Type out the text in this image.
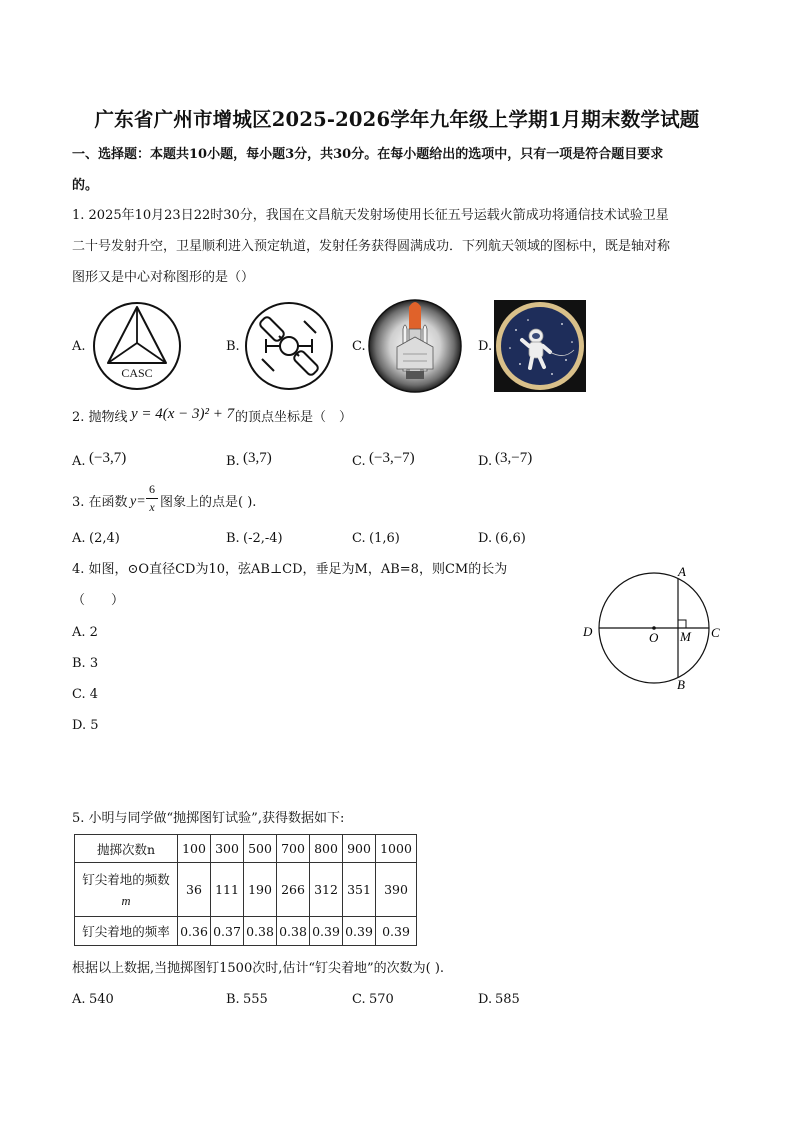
广东省广州市增城区2025-2026学年九年级上学期1月期末数学试题
一、选择题：本题共10小题，每小题3分，共30分。在每小题给出的选项中，只有一项是符合题目要求
的。
1. 2025年10月23日22时30分，我国在文昌航天发射场使用长征五号运载火箭成功将通信技术试验卫星
二十号发射升空，卫星顺利进入预定轨道，发射任务获得圆满成功．下列航天领域的图标中，既是轴对称
图形又是中心对称图形的是（）
A.	B.	C.	D.
CASC
2. 抛物线 y = 4(x − 3)² + 7 的顶点坐标是（　）
A. (−3,7)	B. (3,7)	C. (−3,−7)	D. (3,−7)
3. 在函数 y=
6
x 图象上的点是( ).
A. (2,4)	B. (-2,-4)	C. (1,6)	D. (6,6)
4. 如图，⊙O直径CD为10，弦AB⊥CD，垂足为M，AB=8，则CM的长为
（　　）
A. 2
B. 3
C. 4
D. 5
A
B
C
D	O M
5. 小明与同学做“抛掷图钉试验”,获得数据如下:
抛掷次数n	100	300	500	700	800	900	1000

钉尖着地的频数
m	36	111	190	266	312	351	390
钉尖着地的频率	0.36	0.37	0.38	0.38	0.39	0.39	0.39
根据以上数据,当抛掷图钉1500次时,估计“钉尖着地”的次数为( ).
A. 540	B. 555	C. 570	D. 585
